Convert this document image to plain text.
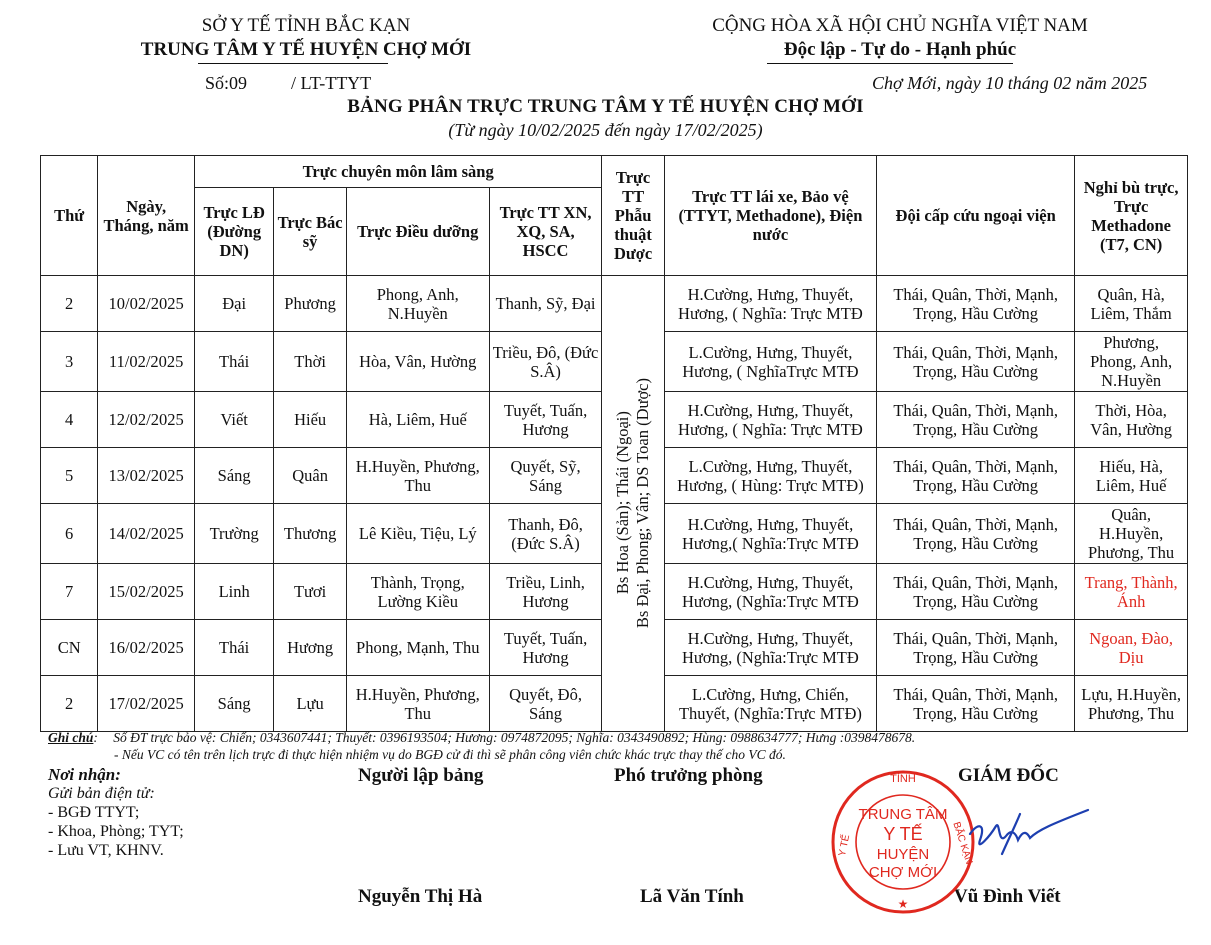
SỞ Y TẾ TỈNH BẮC KẠN
TRUNG TÂM Y TẾ HUYỆN CHỢ MỚI
CỘNG HÒA XÃ HỘI CHỦ NGHĨA VIỆT NAM
Độc lập - Tự do - Hạnh phúc
Số:09 / LT-TTYT	Chợ Mới, ngày 10 tháng 02 năm 2025
BẢNG PHÂN TRỰC TRUNG TÂM Y TẾ HUYỆN CHỢ MỚI
(Từ ngày 10/02/2025 đến ngày 17/02/2025)
Thứ	Ngày, Tháng, năm	Trực chuyên môn lâm sàng				Trực TT Phẫu thuật Dược	Trực TT lái xe, Bảo vệ (TTYT, Methadone), Điện nước	Đội cấp cứu ngoại viện	Nghỉ bù trực, Trực Methadone (T7, CN)
		Trực LĐ (Đường DN)	Trực Bác sỹ	Trực Điều dưỡng	Trực TT XN, XQ, SA, HSCC				
2	10/02/2025	Đại	Phương	Phong, Anh, N.Huyền	Thanh, Sỹ, Đại	Bs Hoa (Sản); Thái (Ngoại) Bs Đại, Phong; Vân; DS Toan (Dược)	H.Cường, Hưng, Thuyết, Hương, ( Nghĩa: Trực MTĐ	Thái, Quân, Thời, Mạnh, Trọng, Hầu Cường	Quân, Hà, Liêm, Thắm
3	11/02/2025	Thái	Thời	Hòa, Vân, Hường	Triều, Đô, (Đức S.Â)		L.Cường, Hưng, Thuyết, Hương, ( NghĩaTrực MTĐ	Thái, Quân, Thời, Mạnh, Trọng, Hầu Cường	Phương, Phong, Anh, N.Huyền
4	12/02/2025	Viết	Hiếu	Hà, Liêm, Huế	Tuyết, Tuấn, Hương		H.Cường, Hưng, Thuyết, Hương, ( Nghĩa: Trực MTĐ	Thái, Quân, Thời, Mạnh, Trọng, Hầu Cường	Thời, Hòa, Vân, Hường
5	13/02/2025	Sáng	Quân	H.Huyền, Phương, Thu	Quyết, Sỹ, Sáng		L.Cường, Hưng, Thuyết, Hương, ( Hùng: Trực MTĐ)	Thái, Quân, Thời, Mạnh, Trọng, Hầu Cường	Hiếu, Hà, Liêm, Huế
6	14/02/2025	Trường	Thương	Lê Kiều, Tiệu, Lý	Thanh, Đô, (Đức S.Â)		H.Cường, Hưng, Thuyết, Hương,( Nghĩa:Trực MTĐ	Thái, Quân, Thời, Mạnh, Trọng, Hầu Cường	Quân, H.Huyền, Phương, Thu
7	15/02/2025	Linh	Tươi	Thành, Trọng, Lường Kiều	Triều, Linh, Hương		H.Cường, Hưng, Thuyết, Hương, (Nghĩa:Trực MTĐ	Thái, Quân, Thời, Mạnh, Trọng, Hầu Cường	Trang, Thành, Ánh
CN	16/02/2025	Thái	Hương	Phong, Mạnh, Thu	Tuyết, Tuấn, Hương		H.Cường, Hưng, Thuyết, Hương, (Nghĩa:Trực MTĐ	Thái, Quân, Thời, Mạnh, Trọng, Hầu Cường	Ngoan, Đào, Dịu
2	17/02/2025	Sáng	Lựu	H.Huyền, Phương, Thu	Quyết, Đô, Sáng		L.Cường, Hưng, Chiến, Thuyết, (Nghĩa:Trực MTĐ)	Thái, Quân, Thời, Mạnh, Trọng, Hầu Cường	Lựu, H.Huyền, Phương, Thu
Ghi chú: Số ĐT trực bảo vệ: Chiến; 0343607441; Thuyết: 0396193504; Hương: 0974872095; Nghĩa: 0343490892; Hùng: 0988634777; Hưng :0398478678.
- Nếu VC có tên trên lịch trực đi thực hiện nhiệm vụ do BGĐ cử đi thì sẽ phân công viên chức khác trực thay thế cho VC đó.
Nơi nhận:
Gửi bản điện tử:
- BGĐ TTYT;
- Khoa, Phòng; TYT;
- Lưu VT, KHNV.
Người lập bảng	Phó trưởng phòng	GIÁM ĐỐC
Nguyễn Thị Hà	Lã Văn Tính	Vũ Đình Viết
TỈNH
BẮC KẠN
Y TẾ
TRUNG TÂM
Y TẾ
HUYỆN
CHỢ MỚI
★
